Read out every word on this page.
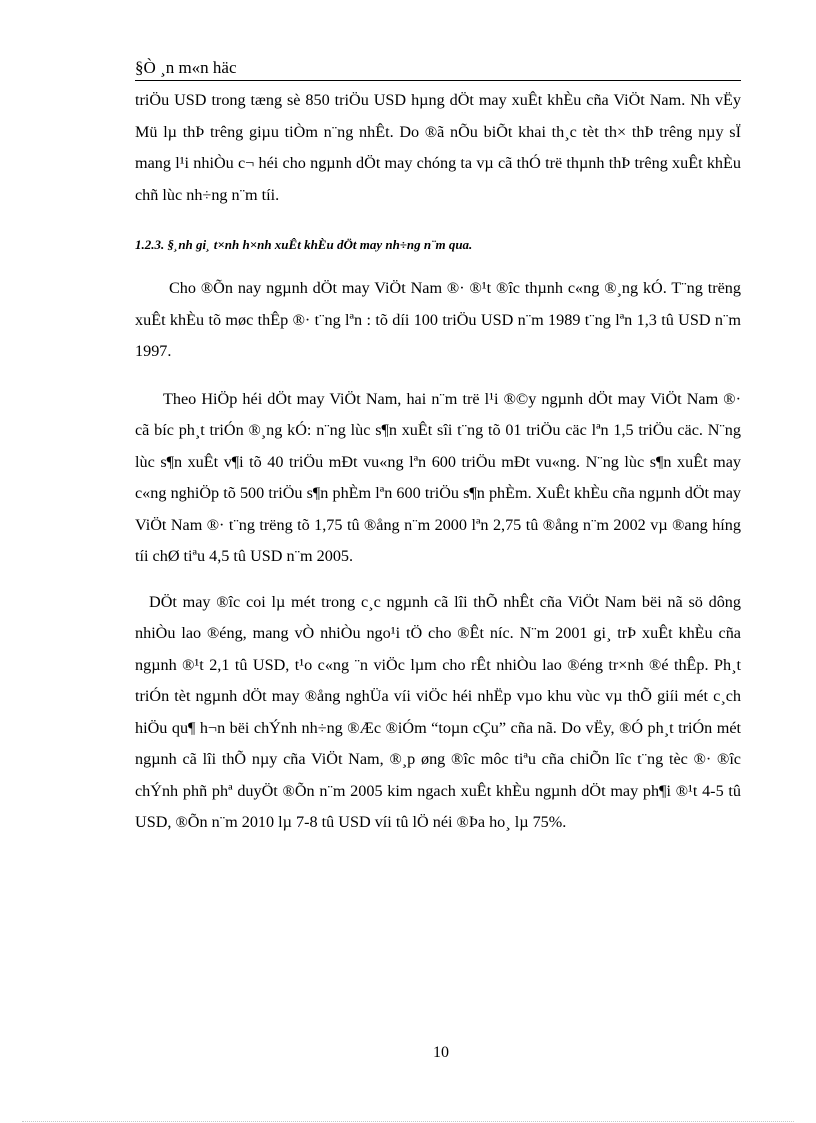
§Ò ¸n m«n häc

triÖu USD trong tæng sè 850 triÖu USD hµng dÖt may xuÊt khÈu cña ViÖt Nam. Nh vËy Mü lµ thÞ trêng giµu tiÒm n¨ng nhÊt. Do ®ã nÕu biÕt khai th¸c tèt th× thÞ trêng nµy sÏ mang l¹i nhiÒu c¬ héi cho ngµnh dÖt may chóng ta vµ cã thÓ trë thµnh thÞ trêng xuÊt khÈu chñ lùc nh÷ng n¨m tíi.

1.2.3. §¸nh gi¸ t×nh h×nh xuÊt khÈu dÖt may nh÷ng n¨m qua.

Cho ®Õn nay ngµnh dÖt may ViÖt Nam ®· ®¹t ®îc thµnh c«ng ®¸ng kÓ. T¨ng trëng xuÊt khÈu tõ møc thÊp ®· t¨ng lªn : tõ díi 100 triÖu USD n¨m 1989 t¨ng lªn 1,3 tû USD n¨m 1997.

Theo HiÖp héi dÖt may ViÖt Nam, hai n¨m trë l¹i ®©y ngµnh dÖt may ViÖt Nam ®· cã bíc ph¸t triÓn ®¸ng kÓ: n¨ng lùc s¶n xuÊt sîi t¨ng tõ 01 triÖu cäc lªn 1,5 triÖu cäc. N¨ng lùc s¶n xuÊt v¶i tõ 40 triÖu mÐt vu«ng lªn 600 triÖu mÐt vu«ng. N¨ng lùc s¶n xuÊt may c«ng nghiÖp tõ 500 triÖu s¶n phÈm lªn 600 triÖu s¶n phÈm. XuÊt khÈu cña ngµnh dÖt may ViÖt Nam ®· t¨ng trëng tõ 1,75 tû ®ång n¨m 2000 lªn 2,75 tû ®ång n¨m 2002 vµ ®ang híng tíi chØ tiªu 4,5 tû USD n¨m 2005.

DÖt may ®îc coi lµ mét trong c¸c ngµnh cã lîi thÕ nhÊt cña ViÖt Nam bëi nã sö dông nhiÒu lao ®éng, mang vÒ nhiÒu ngo¹i tÖ cho ®Êt níc. N¨m 2001 gi¸ trÞ xuÊt khÈu cña ngµnh ®¹t 2,1 tû USD, t¹o c«ng ¨n viÖc lµm cho rÊt nhiÒu lao ®éng tr×nh ®é thÊp. Ph¸t triÓn tèt ngµnh dÖt may ®ång nghÜa víi viÖc héi nhËp vµo khu vùc vµ thÕ giíi mét c¸ch hiÖu qu¶ h¬n bëi chÝnh nh÷ng ®Æc ®iÓm “toµn cÇu” cña nã. Do vËy, ®Ó ph¸t triÓn mét ngµnh cã lîi thÕ nµy cña ViÖt Nam, ®¸p øng ®îc môc tiªu cña chiÕn lîc t¨ng tèc ®· ®îc chÝnh phñ phª duyÖt ®Õn n¨m 2005 kim ngach xuÊt khÈu ngµnh dÖt may ph¶i ®¹t 4-5 tû USD, ®Õn n¨m 2010 lµ 7-8 tû USD víi tû lÖ néi ®Þa ho¸ lµ 75%.

10
